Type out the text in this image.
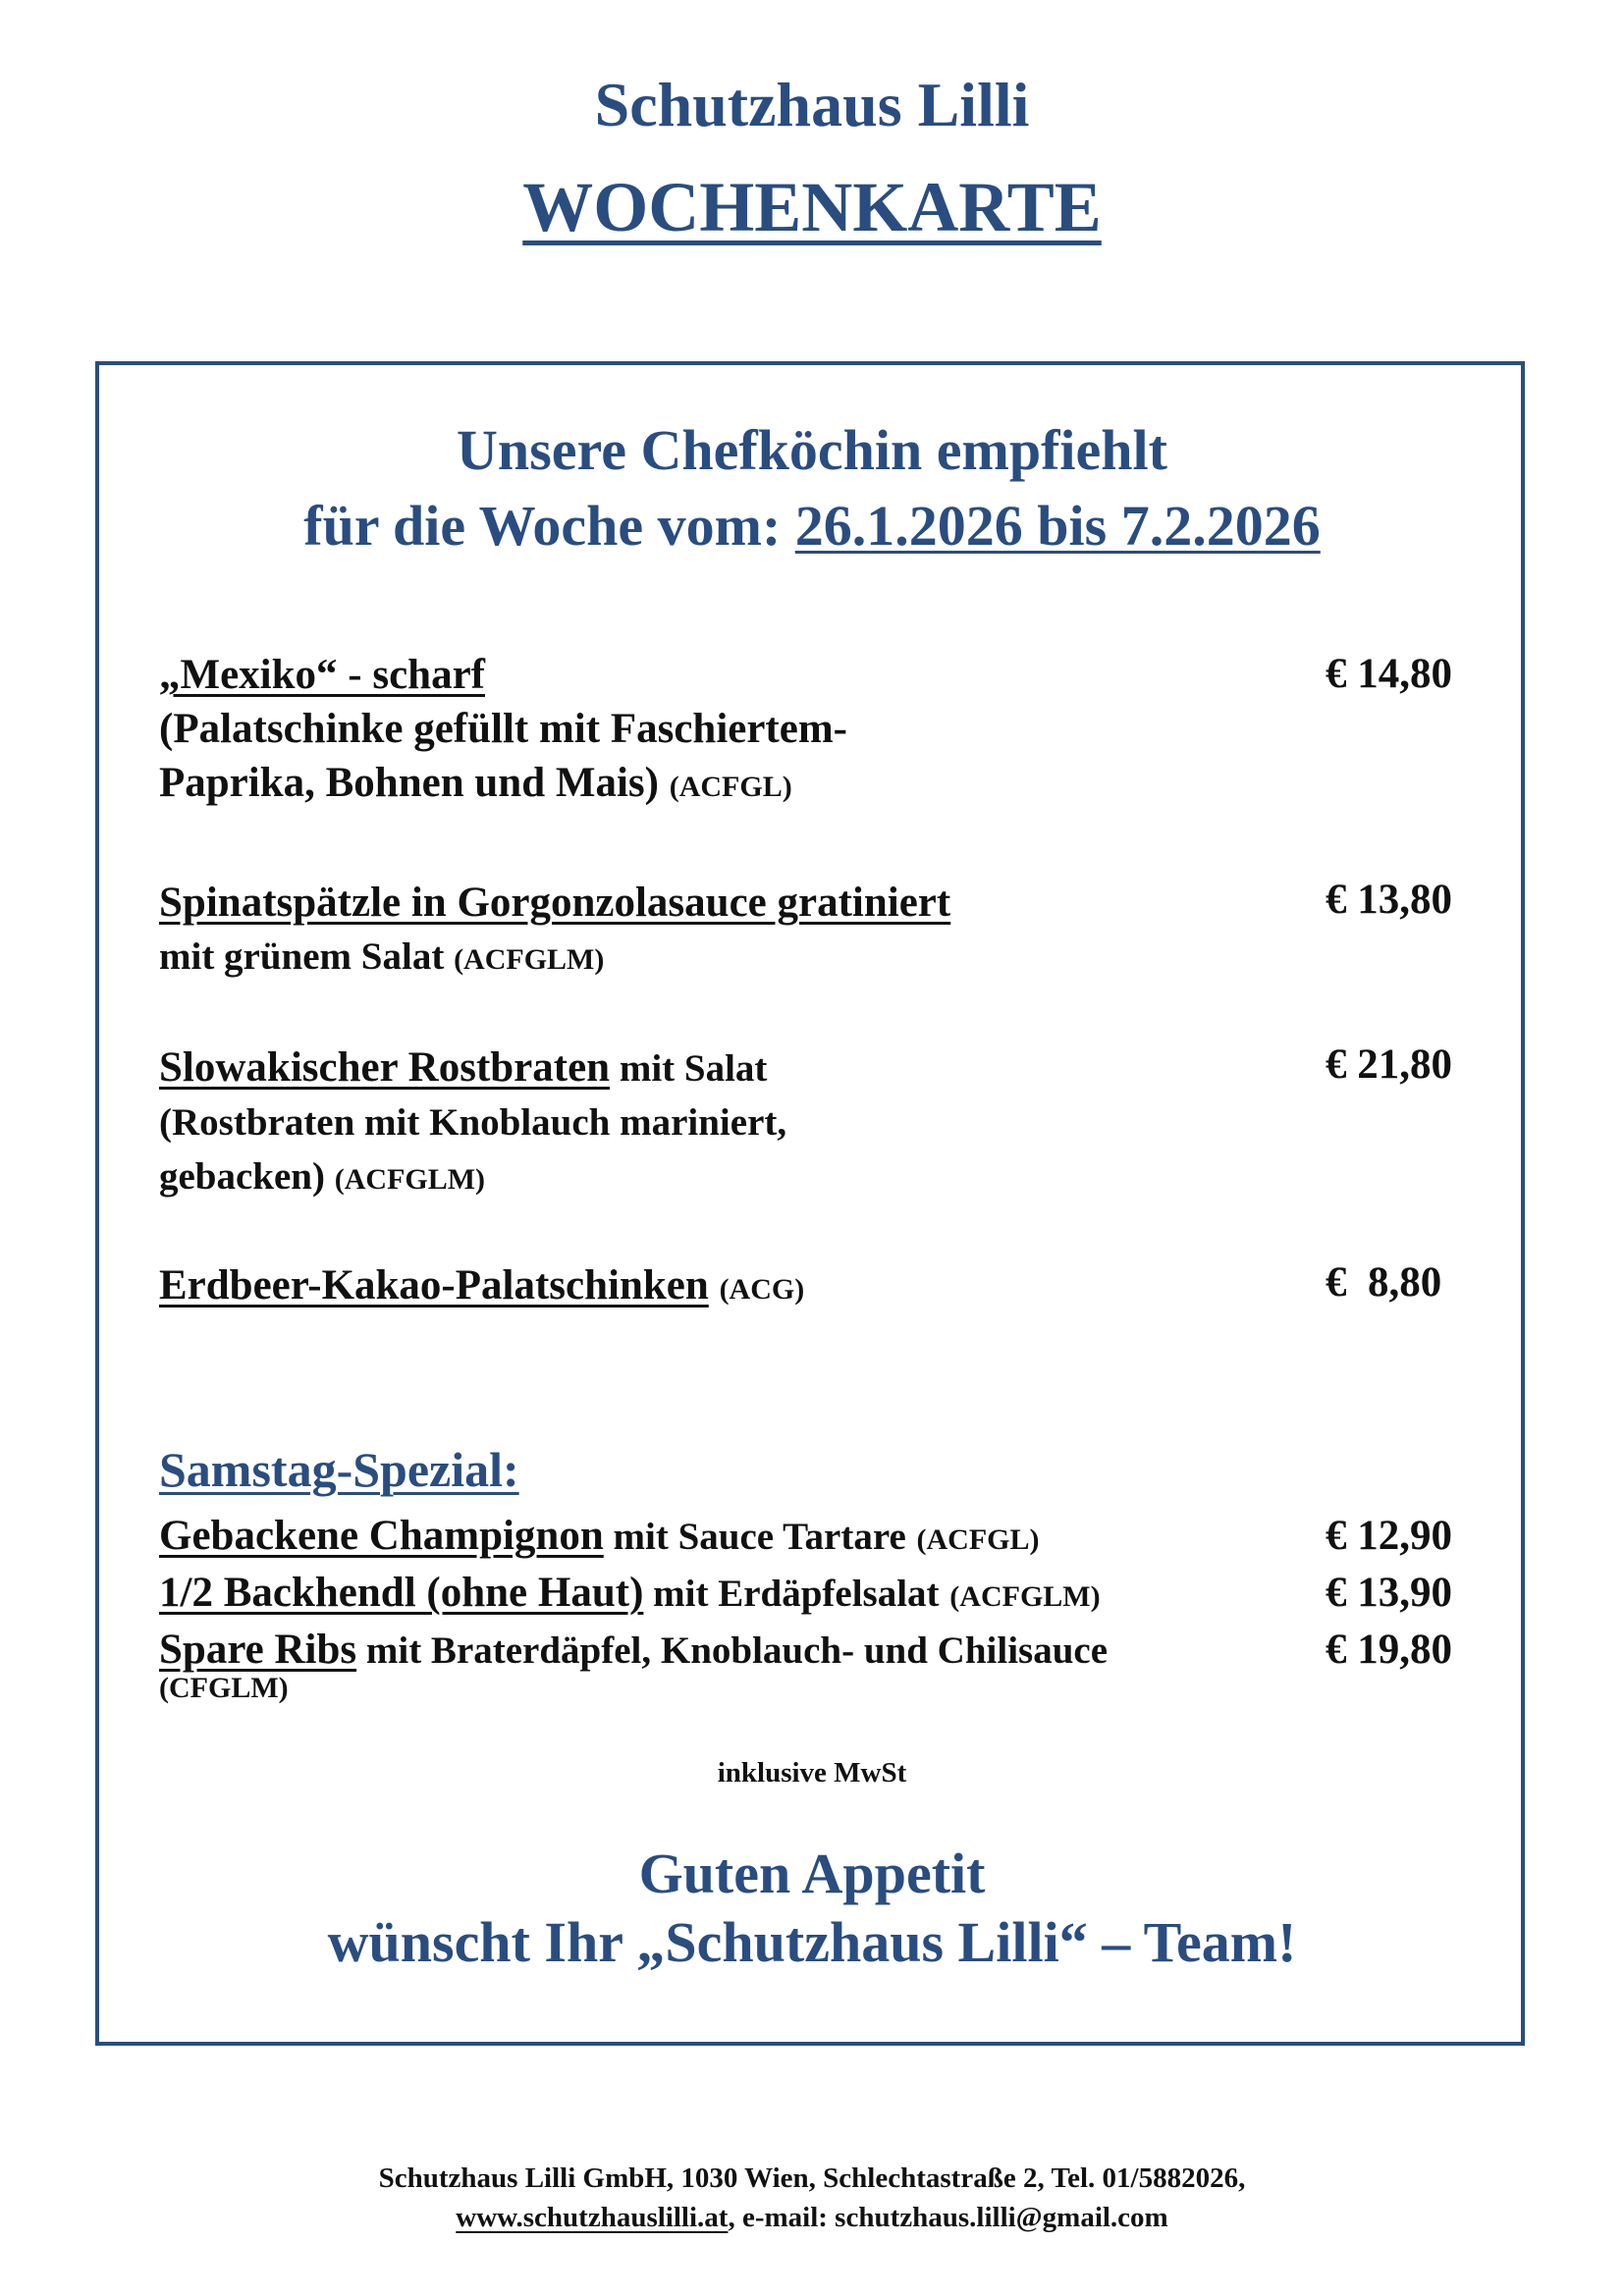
Schutzhaus Lilli
WOCHENKARTE
Unsere Chefköchin empfiehlt
für die Woche vom: 26.1.2026 bis 7.2.2026
„Mexiko“ - scharf
(Palatschinke gefüllt mit Faschiertem-
Paprika, Bohnen und Mais) (ACFGL)
€ 14,80
Spinatspätzle in Gorgonzolasauce gratiniert
mit grünem Salat (ACFGLM)
€ 13,80
Slowakischer Rostbraten mit Salat
(Rostbraten mit Knoblauch mariniert,
gebacken) (ACFGLM)
€ 21,80
Erdbeer-Kakao-Palatschinken (ACG)	€  8,80
Samstag-Spezial:
Gebackene Champignon mit Sauce Tartare (ACFGL)	€ 12,90
1/2 Backhendl (ohne Haut) mit Erdäpfelsalat (ACFGLM)	€ 13,90
Spare Ribs mit Braterdäpfel, Knoblauch- und Chilisauce
(CFGLM)
€ 19,80
inklusive MwSt
Guten Appetit
wünscht Ihr „Schutzhaus Lilli“ – Team!
Schutzhaus Lilli GmbH, 1030 Wien, Schlechtastraße 2, Tel. 01/5882026,
www.schutzhauslilli.at, e-mail: schutzhaus.lilli@gmail.com
